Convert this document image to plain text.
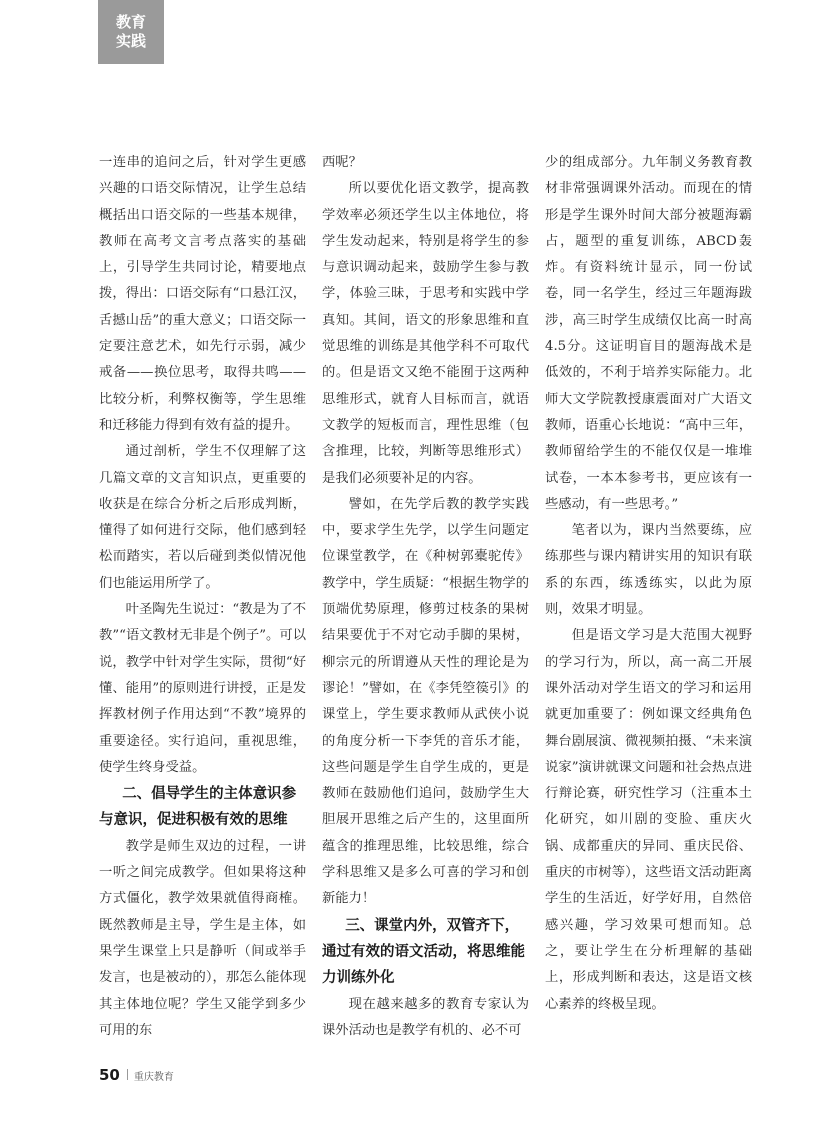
教育
实践

一连串的追问之后，针对学生更感兴趣的口语交际情况，让学生总结概括出口语交际的一些基本规律，教师在高考文言考点落实的基础上，引导学生共同讨论，精要地点拨，得出：口语交际有“口悬江汉，舌撼山岳”的重大意义；口语交际一定要注意艺术，如先行示弱，减少戒备——换位思考，取得共鸣——比较分析，利弊权衡等，学生思维和迁移能力得到有效有益的提升。

通过剖析，学生不仅理解了这几篇文章的文言知识点，更重要的收获是在综合分析之后形成判断，懂得了如何进行交际，他们感到轻松而踏实，若以后碰到类似情况他们也能运用所学了。

叶圣陶先生说过：“教是为了不教”“语文教材无非是个例子”。可以说，教学中针对学生实际，贯彻“好懂、能用”的原则进行讲授，正是发挥教材例子作用达到“不教”境界的重要途径。实行追问，重视思维，使学生终身受益。

二、倡导学生的主体意识参与意识，促进积极有效的思维

教学是师生双边的过程，一讲一听之间完成教学。但如果将这种方式僵化，教学效果就值得商榷。既然教师是主导，学生是主体，如果学生课堂上只是静听（间或举手发言，也是被动的），那怎么能体现其主体地位呢？学生又能学到多少可用的东

西呢？

所以要优化语文教学，提高教学效率必须还学生以主体地位，将学生发动起来，特别是将学生的参与意识调动起来，鼓励学生参与教学，体验三昧，于思考和实践中学真知。其间，语文的形象思维和直觉思维的训练是其他学科不可取代的。但是语文又绝不能囿于这两种思维形式，就育人目标而言，就语文教学的短板而言，理性思维（包含推理，比较，判断等思维形式）是我们必须要补足的内容。

譬如，在先学后教的教学实践中，要求学生先学，以学生问题定位课堂教学，在《种树郭橐驼传》教学中，学生质疑：“根据生物学的顶端优势原理，修剪过枝条的果树结果要优于不对它动手脚的果树，柳宗元的所谓遵从天性的理论是为谬论！”譬如，在《李凭箜篌引》的课堂上，学生要求教师从武侠小说的角度分析一下李凭的音乐才能，这些问题是学生自学生成的，更是教师在鼓励他们追问，鼓励学生大胆展开思维之后产生的，这里面所蕴含的推理思维，比较思维，综合学科思维又是多么可喜的学习和创新能力！

三、课堂内外，双管齐下，通过有效的语文活动，将思维能力训练外化

现在越来越多的教育专家认为课外活动也是教学有机的、必不可

少的组成部分。九年制义务教育教材非常强调课外活动。而现在的情形是学生课外时间大部分被题海霸占，题型的重复训练，ABCD轰炸。有资料统计显示，同一份试卷，同一名学生，经过三年题海跋涉，高三时学生成绩仅比高一时高4.5分。这证明盲目的题海战术是低效的，不利于培养实际能力。北师大文学院教授康震面对广大语文教师，语重心长地说：“高中三年，教师留给学生的不能仅仅是一堆堆试卷，一本本参考书，更应该有一些感动，有一些思考。”

笔者以为，课内当然要练，应练那些与课内精讲实用的知识有联系的东西，练透练实，以此为原则，效果才明显。

但是语文学习是大范围大视野的学习行为，所以，高一高二开展课外活动对学生语文的学习和运用就更加重要了：例如课文经典角色舞台剧展演、微视频拍摄、“未来演说家”演讲就课文问题和社会热点进行辩论赛，研究性学习（注重本土化研究，如川剧的变脸、重庆火锅、成都重庆的异同、重庆民俗、重庆的市树等），这些语文活动距离学生的生活近，好学好用，自然倍感兴趣，学习效果可想而知。总之，要让学生在分析理解的基础上，形成判断和表达，这是语文核心素养的终极呈现。

50 重庆教育
